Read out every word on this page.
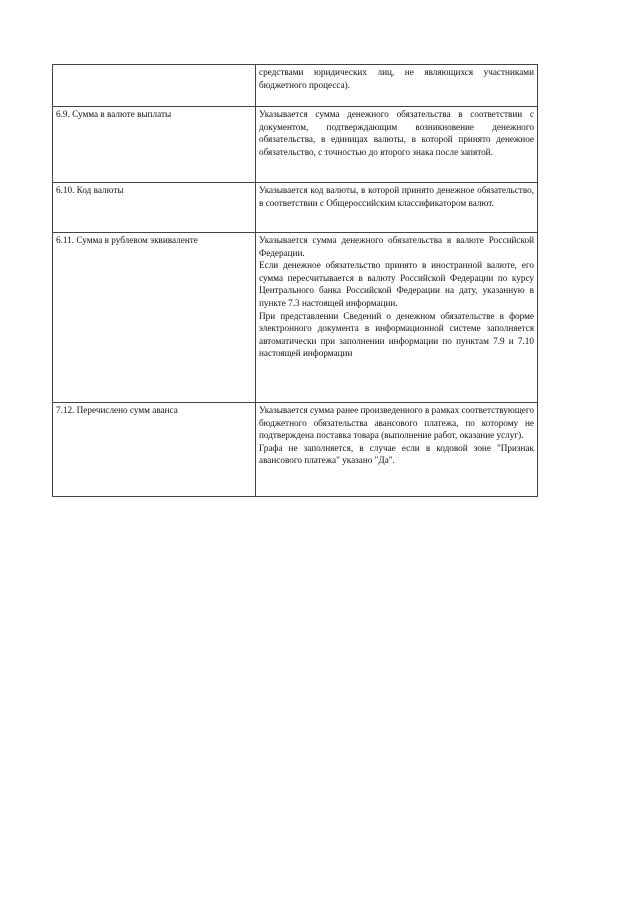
	средствами юридических лиц, не являющихся участниками бюджетного процесса).

6.9. Сумма в валюте выплаты	Указывается сумма денежного обязательства в соответствии с документом, подтверждающим возникновение денежного обязательства, в единицах валюты, в которой принято денежное обязательство, с точностью до второго знака после запятой.

6.10. Код валюты	Указывается код валюты, в которой принято денежное обязательство, в соответствии с Общероссийским классификатором валют.

6.11. Сумма в рублевом эквиваленте	Указывается сумма денежного обязательства в валюте Российской Федерации.

Если денежное обязательство принято в иностранной валюте, его сумма пересчитывается в валюту Российской Федерации по курсу Центрального банка Российской Федерации на дату, указанную в пункте 7.3 настоящей информации.

При представлении Сведений о денежном обязательстве в форме электронного документа в информационной системе заполняется автоматически при заполнении информации по пунктам 7.9 и 7.10 настоящей информации

7.12. Перечислено сумм аванса	Указывается сумма ранее произведенного в рамках соответствующего бюджетного обязательства авансового платежа, по которому не подтверждена поставка товара (выполнение работ, оказание услуг).

Графа не заполняется, в случае если в кодовой зоне "Признак авансового платежа" указано "Да".
